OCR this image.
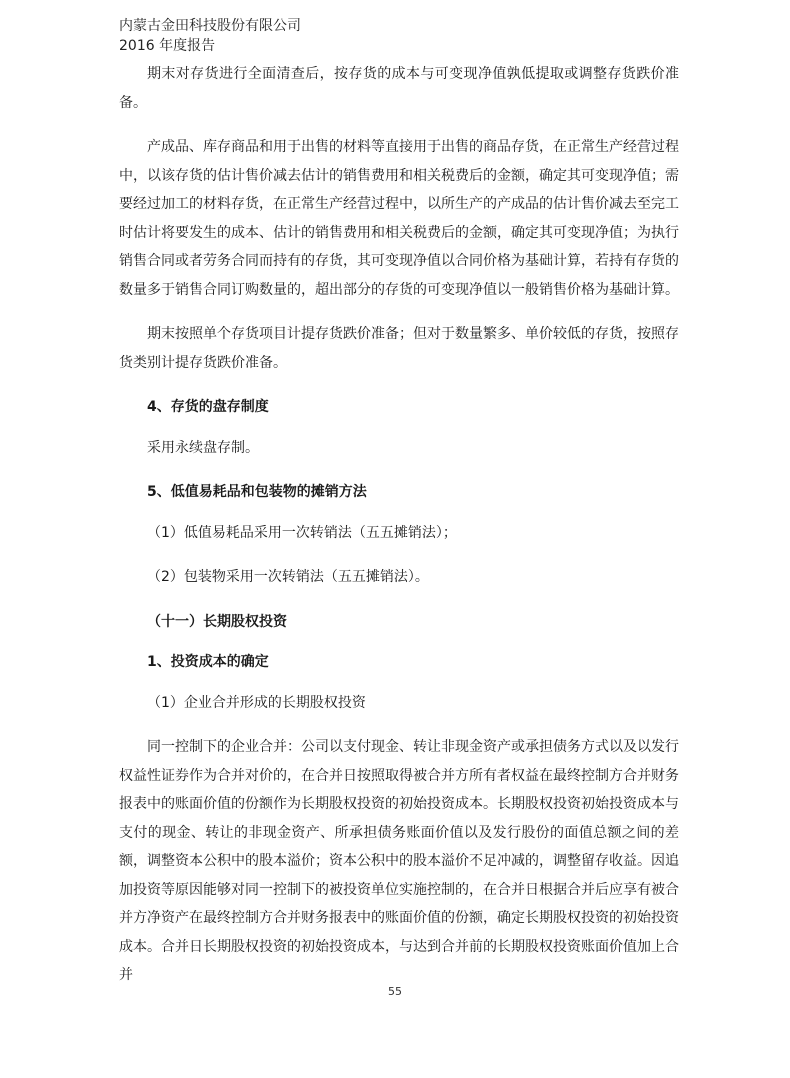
内蒙古金田科技股份有限公司
2016 年度报告

期末对存货进行全面清查后，按存货的成本与可变现净值孰低提取或调整存货跌价准备。

产成品、库存商品和用于出售的材料等直接用于出售的商品存货，在正常生产经营过程中，以该存货的估计售价减去估计的销售费用和相关税费后的金额，确定其可变现净值；需要经过加工的材料存货，在正常生产经营过程中，以所生产的产成品的估计售价减去至完工时估计将要发生的成本、估计的销售费用和相关税费后的金额，确定其可变现净值；为执行销售合同或者劳务合同而持有的存货，其可变现净值以合同价格为基础计算，若持有存货的数量多于销售合同订购数量的，超出部分的存货的可变现净值以一般销售价格为基础计算。

期末按照单个存货项目计提存货跌价准备；但对于数量繁多、单价较低的存货，按照存货类别计提存货跌价准备。

4、存货的盘存制度

采用永续盘存制。

5、低值易耗品和包装物的摊销方法

（1）低值易耗品采用一次转销法（五五摊销法）；

（2）包装物采用一次转销法（五五摊销法）。

（十一）长期股权投资
1、投资成本的确定

（1）企业合并形成的长期股权投资

同一控制下的企业合并：公司以支付现金、转让非现金资产或承担债务方式以及以发行权益性证券作为合并对价的，在合并日按照取得被合并方所有者权益在最终控制方合并财务报表中的账面价值的份额作为长期股权投资的初始投资成本。长期股权投资初始投资成本与支付的现金、转让的非现金资产、所承担债务账面价值以及发行股份的面值总额之间的差额，调整资本公积中的股本溢价；资本公积中的股本溢价不足冲减的，调整留存收益。因追加投资等原因能够对同一控制下的被投资单位实施控制的，在合并日根据合并后应享有被合并方净资产在最终控制方合并财务报表中的账面价值的份额，确定长期股权投资的初始投资成本。合并日长期股权投资的初始投资成本，与达到合并前的长期股权投资账面价值加上合并

55
